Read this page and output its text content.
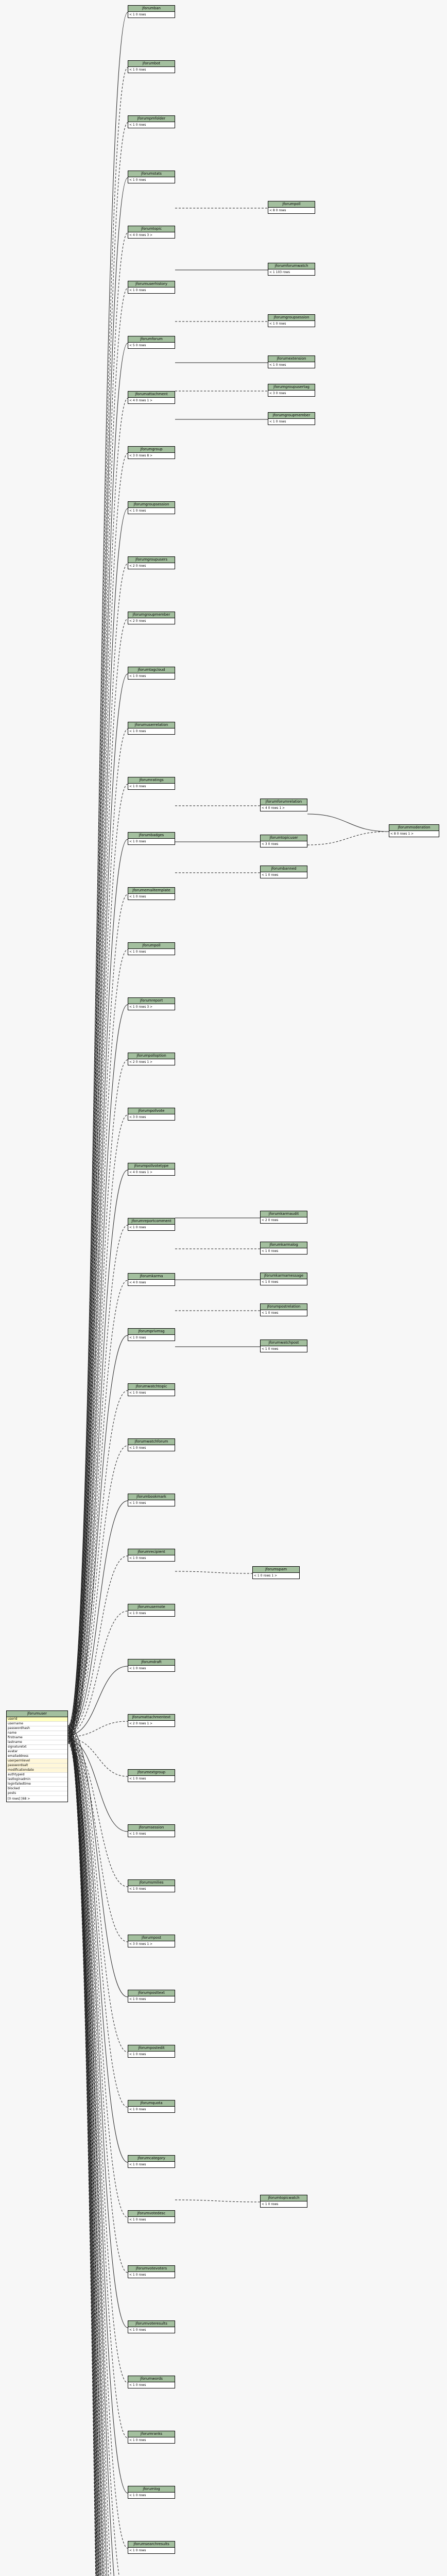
jforumuser
userid
username
passwordhash
name
firstname
lastname
signaturetxt
avatar
emailaddress
userpermlevel
passwordsalt
modificationdate
authtypeid
lastloginadmin
loginfailedtime
blocked
posts
[0 rows] [68 >
jforumban
< 1 0 rows
jforumbot
< 1 0 rows
jforumpmfolder
< 1 0 rows
jforumstats
< 1 0 rows
jforumtopic
< 4 0 rows 3 >
jforumuserhistory
< 1 0 rows
jforumforum
< 5 0 rows
jforumattachment
< 4 0 rows 1 >
jforumgroup
< 3 0 rows 8 >
jforumgroupsession
< 1 0 rows
jforumgroupusers
< 2 0 rows
jforumgroupmember
< 2 0 rows
jforumtagcloud
< 1 0 rows
jforumuserrelation
< 1 0 rows
jforumratings
< 1 0 rows
jforumbadges
< 1 0 rows
jforumemailtemplate
< 1 0 rows
jforumpoll
< 1 0 rows
jforumreport
< 1 0 rows 3 >
jforumpolloption
< 2 0 rows 1 >
jforumpollvote
< 3 0 rows
jforumpollvotetype
< 4 0 rows 1 >
jforumreportcomment
< 1 0 rows
jforumkarma
< 4 0 rows
jforumprivmsg
< 1 0 rows
jforumwatchtopic
< 1 0 rows
jforumwatchforum
< 1 0 rows
jforumbookmark
< 1 0 rows
jforumrecipient
< 1 0 rows
jforumusernote
< 1 0 rows
jforumdraft
< 1 0 rows
jforumattachmentext
< 2 0 rows 1 >
jforumextgroup
< 1 0 rows
jforumsession
< 1 0 rows
jforumsmilies
< 1 0 rows
jforumpost
< 3 0 rows 1 >
jforumposttext
< 1 0 rows
jforumpostedit
< 1 0 rows
jforumquota
< 1 0 rows
jforumcategory
< 1 0 rows
jforumvotedesc
< 1 0 rows
jforumvotevoters
< 1 0 rows
jforumvoteresults
< 1 0 rows
jforumwords
< 1 0 rows
jforumranks
< 1 0 rows
jforumlog
< 1 0 rows
jforumsearchresults
< 1 0 rows
jforumpoll
< 8 0 rows
jforumforumwatch
< 1 103 rows
jforumgroupsession
< 1 0 rows
jforumextension
< 1 0 rows
jforumgroupusertag
< 3 0 rows
jforumgroupmember
< 1 0 rows
jforumforumrelation
< 4 0 rows 1 >
jforumtopicuser
< 3 0 rows
jforumbanned
< 1 0 rows
jforumkarmaudit
< 2 0 rows
jforumkarmalog
< 1 0 rows
jforumkarmamessage
< 1 0 rows
jforumpostrelation
< 1 0 rows
jforumwatchpost
< 1 0 rows
jforumtopicwatch
< 1 0 rows
jforumspam
< 1 0 rows 1 >
jforummoderation
< 8 0 rows 1 >
